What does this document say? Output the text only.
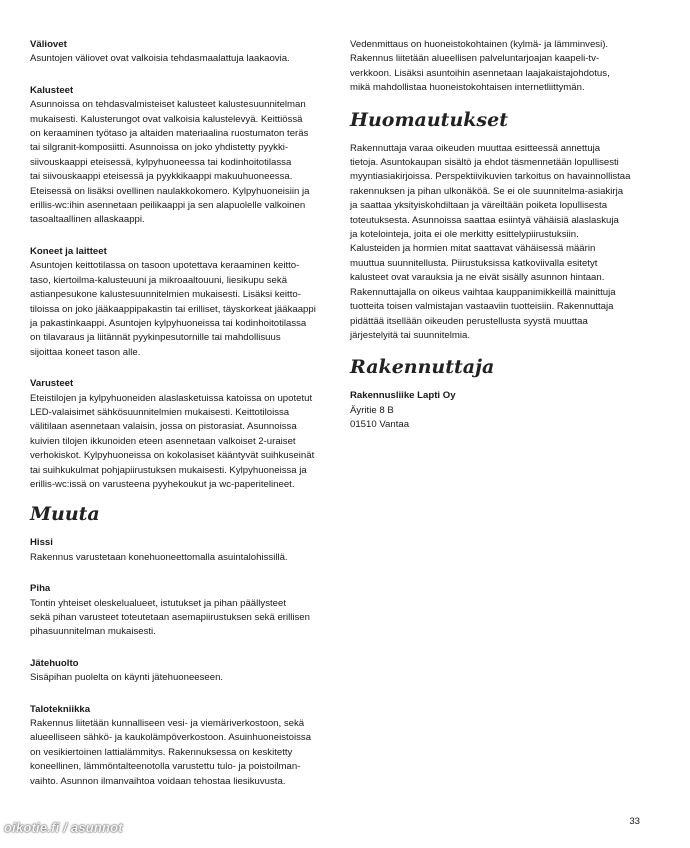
Väliovet

Asuntojen väliovet ovat valkoisia tehdasmaalattuja laakaovia.

Kalusteet

Asunnoissa on tehdasvalmisteiset kalusteet kalustesuunnitelman
mukaisesti. Kalusterungot ovat valkoisia kalustelevyä. Keittiössä
on keraaminen työtaso ja altaiden materiaalina ruostumaton teräs
tai silgranit-komposiitti. Asunnoissa on joko yhdistetty pyykki-
siivouskaappi eteisessä, kylpyhuoneessa tai kodinhoitotilassa
tai siivouskaappi eteisessä ja pyykkikaappi makuuhuoneessa.
Eteisessä on lisäksi ovellinen naulakkokomero. Kylpyhuoneisiin ja
erillis-wc:ihin asennetaan peilikaappi ja sen alapuolelle valkoinen
tasoaltaallinen allaskaappi.

Koneet ja laitteet

Asuntojen keittotilassa on tasoon upotettava keraaminen keitto-
taso, kiertoilma-kalusteuuni ja mikroaaltouuni, liesikupu sekä
astianpesukone kalustesuunnitelmien mukaisesti. Lisäksi keitto-
tiloissa on joko jääkaappipakastin tai erilliset, täyskorkeat jääkaappi
ja pakastinkaappi. Asuntojen kylpyhuoneissa tai kodinhoitotilassa
on tilavaraus ja liitännät pyykinpesutornille tai mahdollisuus
sijoittaa koneet tason alle.

Varusteet

Eteistilojen ja kylpyhuoneiden alaslasketuissa katoissa on upotetut
LED-valaisimet sähkösuunnitelmien mukaisesti. Keittotiloissa
välitilaan asennetaan valaisin, jossa on pistorasiat. Asunnoissa
kuivien tilojen ikkunoiden eteen asennetaan valkoiset 2-uraiset
verhokiskot. Kylpyhuoneissa on kokolasiset kääntyvät suihkuseinät
tai suihkukulmat pohjapiirustuksen mukaisesti. Kylpyhuoneissa ja
erillis-wc:issä on varusteena pyyhekoukut ja wc-paperitelineet.

Muuta

Hissi

Rakennus varustetaan konehuoneettomalla asuintalohissillä.

Piha

Tontin yhteiset oleskelualueet, istutukset ja pihan päällysteet
sekä pihan varusteet toteutetaan asemapiirustuksen sekä erillisen
pihasuunnitelman mukaisesti.

Jätehuolto

Sisäpihan puolelta on käynti jätehuoneeseen.

Talotekniikka

Rakennus liitetään kunnalliseen vesi- ja viemäriverkostoon, sekä
alueelliseen sähkö- ja kaukolämpöverkostoon. Asuinhuoneistoissa
on vesikiertoinen lattialämmitys. Rakennuksessa on keskitetty
koneellinen, lämmöntalteenotolla varustettu tulo- ja poistoilman-
vaihto. Asunnon ilmanvaihtoa voidaan tehostaa liesikuvusta.

Vedenmittaus on huoneistokohtainen (kylmä- ja lämminvesi).
Rakennus liitetään alueellisen palveluntarjoajan kaapeli-tv-
verkkoon. Lisäksi asuntoihin asennetaan laajakaistajohdotus,
mikä mahdollistaa huoneistokohtaisen internetliittymän.

Huomautukset

Rakennuttaja varaa oikeuden muuttaa esitteessä annettuja
tietoja. Asuntokaupan sisältö ja ehdot täsmennetään lopullisesti
myyntiasiakirjoissa. Perspektiivikuvien tarkoitus on havainnollistaa
rakennuksen ja pihan ulkonäköä. Se ei ole suunnitelma-asiakirja
ja saattaa yksityiskohdiltaan ja väreiltään poiketa lopullisesta
toteutuksesta. Asunnoissa saattaa esiintyä vähäisiä alaslaskuja
ja kotelointeja, joita ei ole merkitty esittelypiirustuksiin.
Kalusteiden ja hormien mitat saattavat vähäisessä määrin
muuttua suunnitellusta. Piirustuksissa katkoviivalla esitetyt
kalusteet ovat varauksia ja ne eivät sisälly asunnon hintaan.
Rakennuttajalla on oikeus vaihtaa kauppanimikkeillä mainittuja
tuotteita toisen valmistajan vastaaviin tuotteisiin. Rakennuttaja
pidättää itsellään oikeuden perustellusta syystä muuttaa
järjestelyitä tai suunnitelmia.

Rakennuttaja

Rakennusliike Lapti Oy

Äyritie 8 B

01510 Vantaa

33
oikotie.fi / asunnot
